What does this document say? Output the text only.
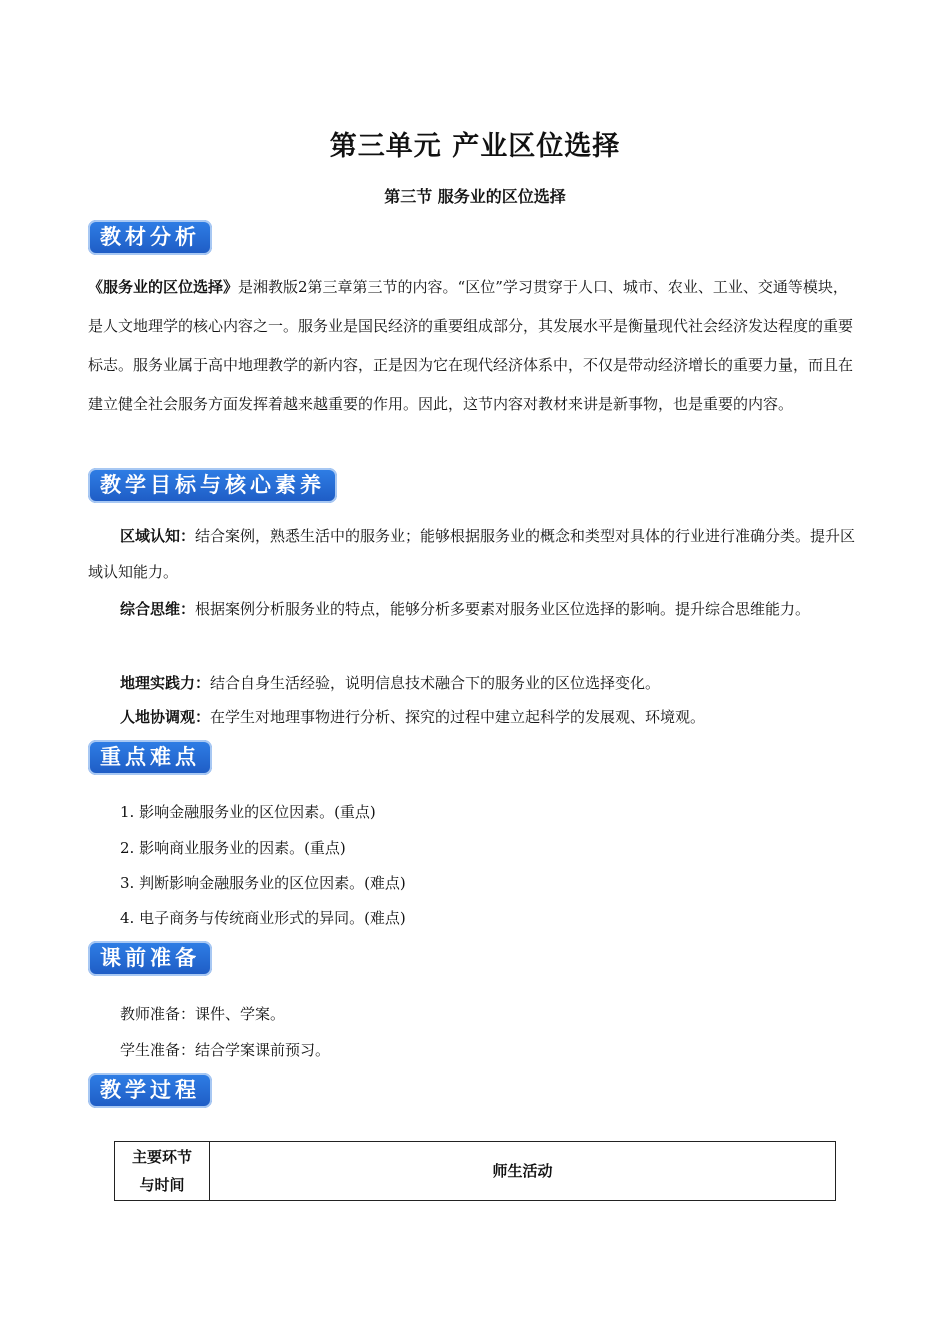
第三单元 产业区位选择
第三节 服务业的区位选择
教材分析

《服务业的区位选择》是湘教版2第三章第三节的内容。“区位”学习贯穿于人口、城市、农业、工业、交通等模块，是人文地理学的核心内容之一。服务业是国民经济的重要组成部分，其发展水平是衡量现代社会经济发达程度的重要标志。服务业属于高中地理教学的新内容，正是因为它在现代经济体系中，不仅是带动经济增长的重要力量，而且在建立健全社会服务方面发挥着越来越重要的作用。因此，这节内容对教材来讲是新事物，也是重要的内容。

教学目标与核心素养

区域认知：结合案例，熟悉生活中的服务业；能够根据服务业的概念和类型对具体的行业进行准确分类。提升区域认知能力。

综合思维：根据案例分析服务业的特点，能够分析多要素对服务业区位选择的影响。提升综合思维能力。

地理实践力：结合自身生活经验，说明信息技术融合下的服务业的区位选择变化。

人地协调观：在学生对地理事物进行分析、探究的过程中建立起科学的发展观、环境观。

重点难点

1. 影响金融服务业的区位因素。(重点)

2. 影响商业服务业的因素。(重点)

3. 判断影响金融服务业的区位因素。(难点)

4. 电子商务与传统商业形式的异同。(难点)

课前准备

教师准备：课件、学案。

学生准备：结合学案课前预习。

教学过程
主要环节
与时间
	师生活动
